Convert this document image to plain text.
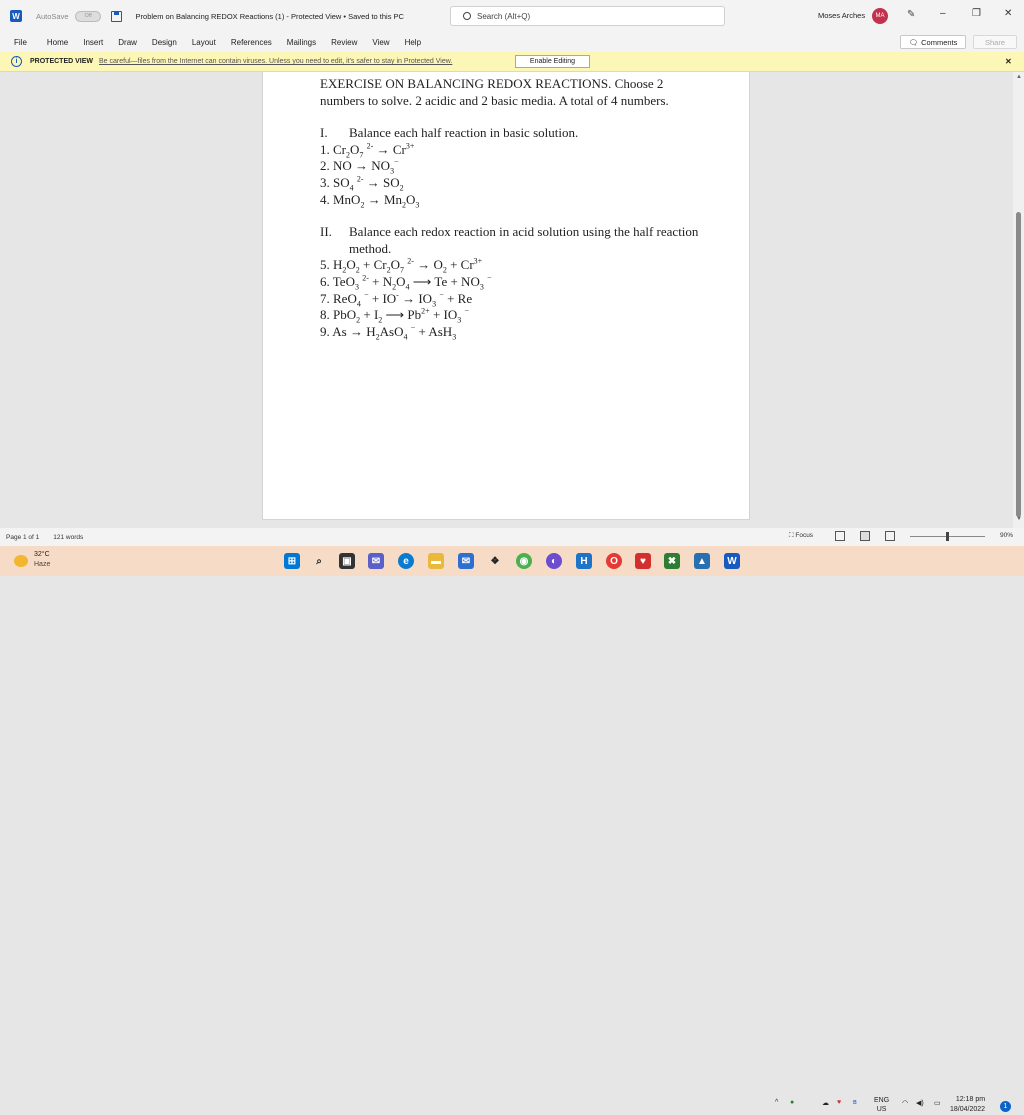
W AutoSave	Off	Problem on Balancing REDOX Reactions (1) - Protected View • Saved to this PC	Search (Alt+Q)	Moses Arches	MA	✎ –	❐ ✕
File	Home Insert Draw Design Layout References Mailings Review View Help	🗨 Comments	Share
i	PROTECTED VIEW Be careful—files from the Internet can contain viruses. Unless you need to edit, it's safer to stay in Protected View.	Enable Editing	✕
EXERCISE ON BALANCING REDOX REACTIONS. Choose 2 numbers to solve. 2 acidic and 2 basic media. A total of 4 numbers.
I.	Balance each half reaction in basic solution.
1. $Cr_2O_7$ $^{2-} \to Cr^{3+}$
2. NO → $NO_3^-$
3. $SO_4$ $^{2-} \to SO_2$
4. $MnO_2 \to Mn_2O_3$
II.	Balance each redox reaction in acid solution using the half reaction method.
5. $H_2O_2 + Cr_2O_7$ $^{2-} \to O_2 + Cr^{3+}$
6. TeO$_3$ $^{2-} + N_2O_4$ ⟶ $Te + NO_3$ −
7. ReO$_4$ $^- + IO^- \to IO_3$ − + Re
8. $PbO_2 + I_2$ ⟶ $Pb^{2+} + IO_3$ −
9. $As \to H_2AsO_4$ − + AsH$_3$
▲
▼
Page 1 of 1 121 words	⛶ Focus	90%
32°C
Haze	⊞	⌕	▣	✉	e	▬	✉	❖	◉	◐	H	O	♥	✖	▲	W
^ ●	☁ ♥ ʙ ENG
US
◠ ◀) ▭
12:18 pm
18/04/2022	1
